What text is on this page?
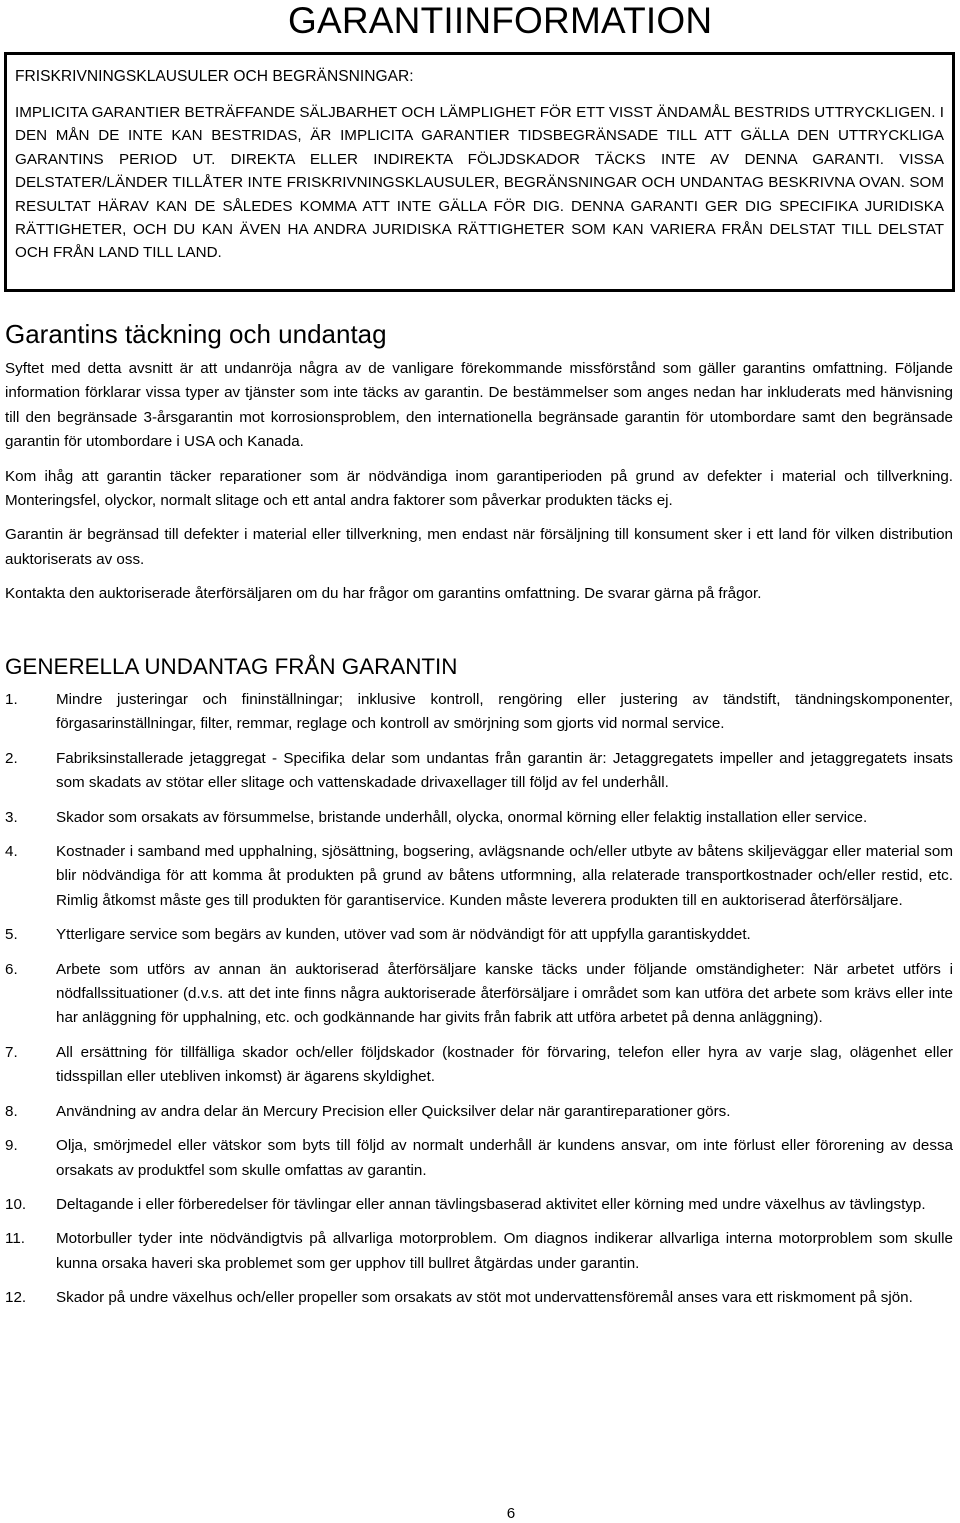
GARANTIINFORMATION

FRISKRIVNINGSKLAUSULER OCH BEGRÄNSNINGAR:

IMPLICITA GARANTIER BETRÄFFANDE SÄLJBARHET OCH LÄMPLIGHET FÖR ETT VISST ÄNDAMÅL BESTRIDS UTTRYCKLIGEN. I DEN MÅN DE INTE KAN BESTRIDAS, ÄR IMPLICITA GARANTIER TIDSBEGRÄNSADE TILL ATT GÄLLA DEN UTTRYCKLIGA GARANTINS PERIOD UT. DIREKTA ELLER INDIREKTA FÖLJDSKADOR TÄCKS INTE AV DENNA GARANTI. VISSA DELSTATER/LÄNDER TILLÅTER INTE FRISKRIVNINGSKLAUSULER, BEGRÄNSNINGAR OCH UNDANTAG BESKRIVNA OVAN. SOM RESULTAT HÄRAV KAN DE SÅLEDES KOMMA ATT INTE GÄLLA FÖR DIG. DENNA GARANTI GER DIG SPECIFIKA JURIDISKA RÄTTIGHETER, OCH DU KAN ÄVEN HA ANDRA JURIDISKA RÄTTIGHETER SOM KAN VARIERA FRÅN DELSTAT TILL DELSTAT OCH FRÅN LAND TILL LAND.

Garantins täckning och undantag

Syftet med detta avsnitt är att undanröja några av de vanligare förekommande missförstånd som gäller garantins omfattning. Följande information förklarar vissa typer av tjänster som inte täcks av garantin. De bestämmelser som anges nedan har inkluderats med hänvisning till den begränsade 3-årsgarantin mot korrosionsproblem, den internationella begränsade garantin för utombordare samt den begränsade garantin för utombordare i USA och Kanada.

Kom ihåg att garantin täcker reparationer som är nödvändiga inom garantiperioden på grund av defekter i material och tillverkning. Monteringsfel, olyckor, normalt slitage och ett antal andra faktorer som påverkar produkten täcks ej.

Garantin är begränsad till defekter i material eller tillverkning, men endast när försäljning till konsument sker i ett land för vilken distribution auktoriserats av oss.

Kontakta den auktoriserade återförsäljaren om du har frågor om garantins omfattning. De svarar gärna på frågor.

GENERELLA UNDANTAG FRÅN GARANTIN
1.	Mindre justeringar och fininställningar; inklusive kontroll, rengöring eller justering av tändstift, tändningskomponenter, förgasarinställningar, filter, remmar, reglage och kontroll av smörjning som gjorts vid normal service.
2.	Fabriksinstallerade jetaggregat - Specifika delar som undantas från garantin är: Jetaggregatets impeller and jetaggregatets insats som skadats av stötar eller slitage och vattenskadade drivaxellager till följd av fel underhåll.
3.	Skador som orsakats av försummelse, bristande underhåll, olycka, onormal körning eller felaktig installation eller service.
4.	Kostnader i samband med upphalning, sjösättning, bogsering, avlägsnande och/eller utbyte av båtens skiljeväggar eller material som blir nödvändiga för att komma åt produkten på grund av båtens utformning, alla relaterade transportkostnader och/eller restid, etc. Rimlig åtkomst måste ges till produkten för garantiservice. Kunden måste leverera produkten till en auktoriserad återförsäljare.
5.	Ytterligare service som begärs av kunden, utöver vad som är nödvändigt för att uppfylla garantiskyddet.
6.	Arbete som utförs av annan än auktoriserad återförsäljare kanske täcks under följande omständigheter: När arbetet utförs i nödfallssituationer (d.v.s. att det inte finns några auktoriserade återförsäljare i området som kan utföra det arbete som krävs eller inte har anläggning för upphalning, etc. och godkännande har givits från fabrik att utföra arbetet på denna anläggning).
7.	All ersättning för tillfälliga skador och/eller följdskador (kostnader för förvaring, telefon eller hyra av varje slag, olägenhet eller tidsspillan eller utebliven inkomst) är ägarens skyldighet.
8.	Användning av andra delar än Mercury Precision eller Quicksilver delar när garantireparationer görs.
9.	Olja, smörjmedel eller vätskor som byts till följd av normalt underhåll är kundens ansvar, om inte förlust eller förorening av dessa orsakats av produktfel som skulle omfattas av garantin.
10.	Deltagande i eller förberedelser för tävlingar eller annan tävlingsbaserad aktivitet eller körning med undre växelhus av tävlingstyp.
11.	Motorbuller tyder inte nödvändigtvis på allvarliga motorproblem. Om diagnos indikerar allvarliga interna motorproblem som skulle kunna orsaka haveri ska problemet som ger upphov till bullret åtgärdas under garantin.
12.	Skador på undre växelhus och/eller propeller som orsakats av stöt mot undervattensföremål anses vara ett riskmoment på sjön.
6
